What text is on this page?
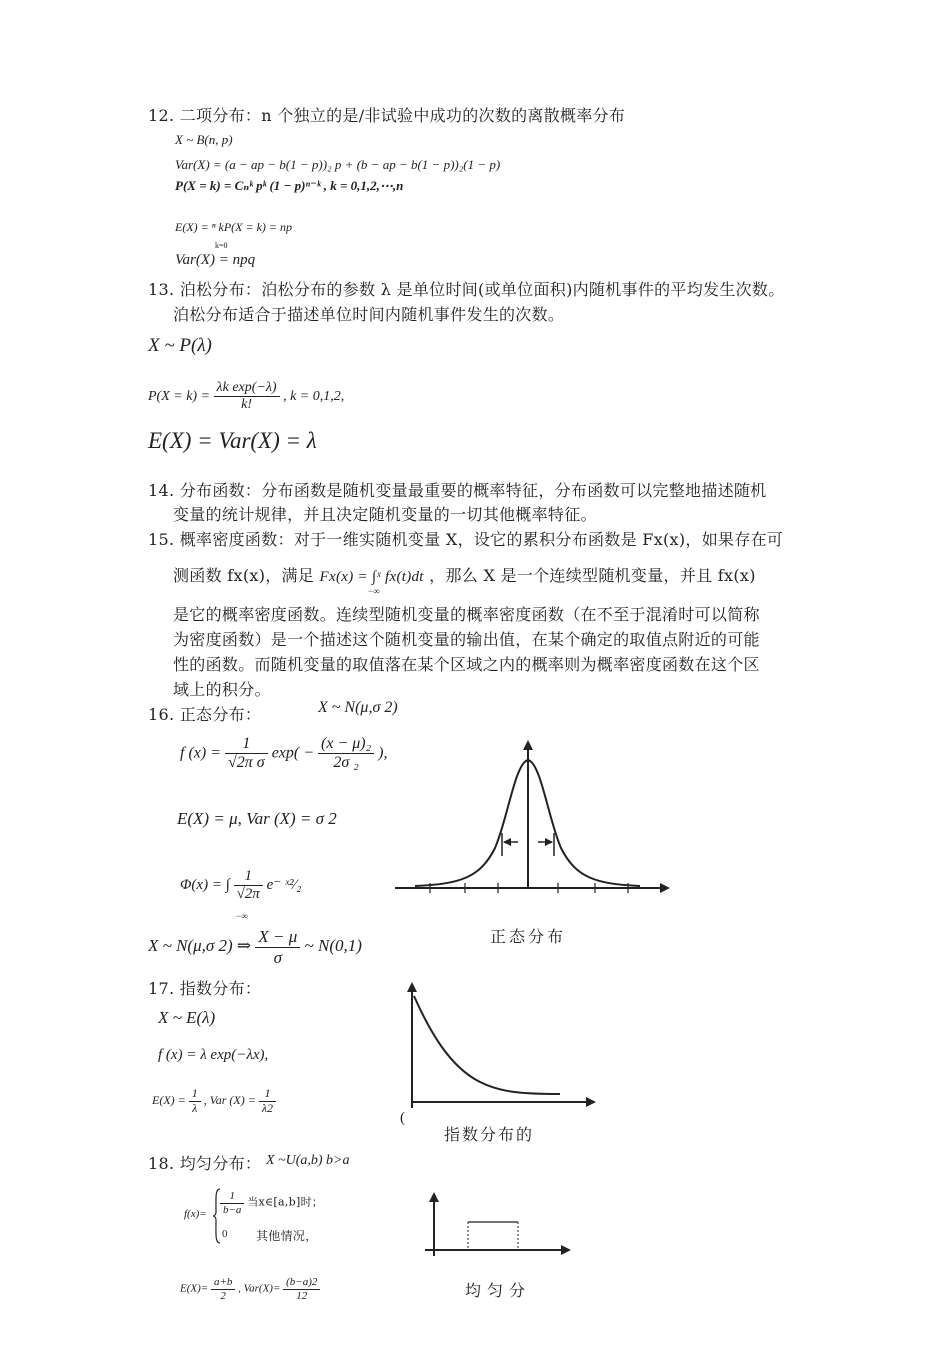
12. 二项分布：n 个独立的是/非试验中成功的次数的离散概率分布
X ~ B(n, p)
Var(X) = (a − ap − b(1 − p))₂ p + (b − ap − b(1 − p))₂(1 − p)
P(X = k) = Cₙᵏ pᵏ (1 − p)ⁿ⁻ᵏ , k = 0,1,2,⋯,n
E(X) = ⁿ kP(X = k) = np
k=0
Var(X) = npq
13. 泊松分布：泊松分布的参数 λ 是单位时间(或单位面积)内随机事件的平均发生次数。
泊松分布适合于描述单位时间内随机事件发生的次数。
X ~ P(λ)
$P(X = k) = \frac{\text{λk exp(−λ)}}{k!}$ , k = 0,1,2,
E(X) = Var(X) = λ
14. 分布函数：分布函数是随机变量最重要的概率特征，分布函数可以完整地描述随机
变量的统计规律，并且决定随机变量的一切其他概率特征。
15. 概率密度函数：对于一维实随机变量 X，设它的累积分布函数是 Fx(x)，如果存在可
测函数 fx(x)，满足 Fx(x) = ∫ˣ fx(t)dt ，那么 X 是一个连续型随机变量，并且 fx(x)
−∞
是它的概率密度函数。连续型随机变量的概率密度函数（在不至于混淆时可以简称
为密度函数）是一个描述这个随机变量的输出值，在某个确定的取值点附近的可能
性的函数。而随机变量的取值落在某个区域之内的概率则为概率密度函数在这个区
域上的积分。
16. 正态分布：	X ~ N(μ,σ 2)
f $(x) = \frac{1}{\text{√2π σ}} \exp( - \frac{\text{(x − μ)₂}}{\text{2σ ₂}}$ ),
E(X) = μ, Var (X) = σ 2
Φ(x) = ∫ $\frac{1}{√2\pi} e^-$ ˣ²⁄₂
−∞
X ~ N(μ,σ 2) ⇒ $\frac{X - \mu}{\sigma}$ ~ N(0,1)	正态分布
17. 指数分布：
X ~ E(λ)
f (x) = λ exp(−λx),
$E(X) = \frac{1}{\lambda}$ , Var $(X) = \frac{1}{\lambda 2}$
(
指数分布的
18. 均匀分布： X ~U(a,b) b>a
$f(x)= \frac{1}{b-a}$ 当x∈[a,b]时；
0 其他情况，
$E(X)= \frac{a+b}{2}$ , $Var(X)= \frac{(b-a)2}{12}$	均匀分
